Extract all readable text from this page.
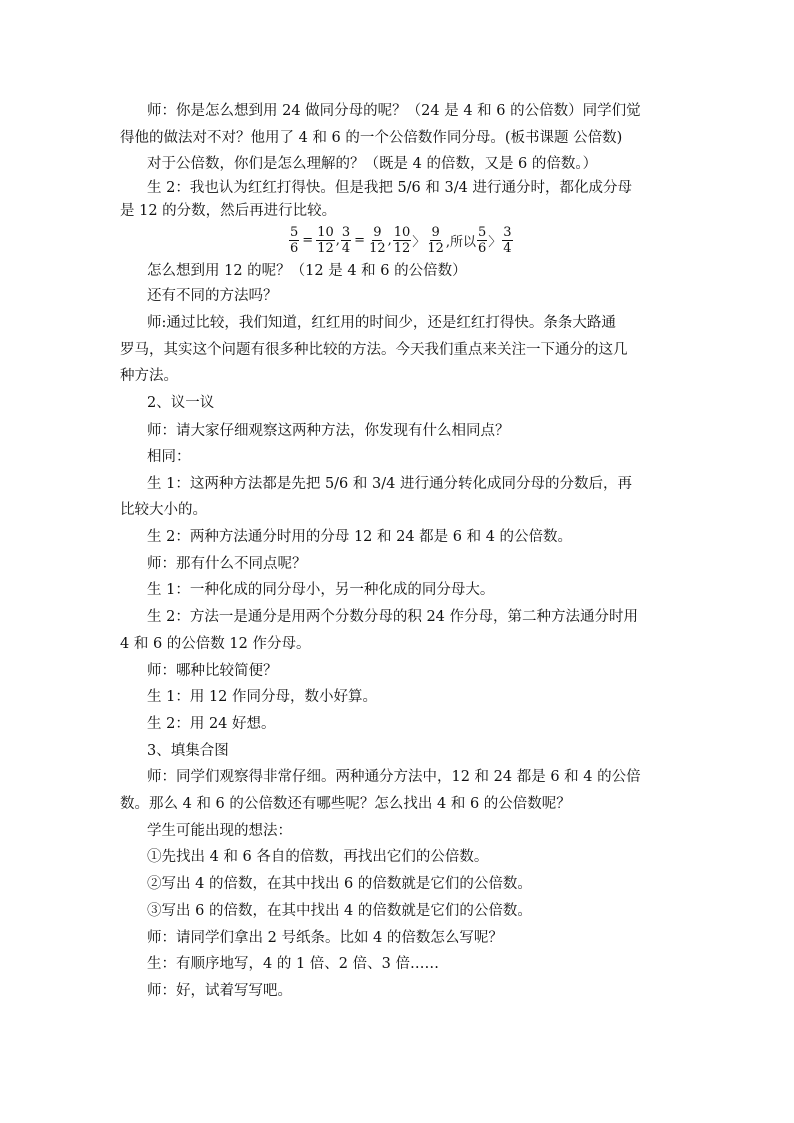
师：你是怎么想到用 24 做同分母的呢？（24 是 4 和 6 的公倍数）同学们觉
得他的做法对不对？他用了 4 和 6 的一个公倍数作同分母。(板书课题 公倍数)
对于公倍数，你们是怎么理解的？（既是 4 的倍数，又是 6 的倍数。）
生 2：我也认为红红打得快。但是我把 5/6 和 3/4 进行通分时，都化成分母
是 12 的分数，然后再进行比较。
怎么想到用 12 的呢？（12 是 4 和 6 的公倍数）
还有不同的方法吗？
师:通过比较，我们知道，红红用的时间少，还是红红打得快。条条大路通
罗马，其实这个问题有很多种比较的方法。今天我们重点来关注一下通分的这几
种方法。
2、议一议
师：请大家仔细观察这两种方法，你发现有什么相同点？
相同：
生 1：这两种方法都是先把 5/6 和 3/4 进行通分转化成同分母的分数后，再
比较大小的。
生 2：两种方法通分时用的分母 12 和 24 都是 6 和 4 的公倍数。
师：那有什么不同点呢？
生 1：一种化成的同分母小，另一种化成的同分母大。
生 2：方法一是通分是用两个分数分母的积 24 作分母，第二种方法通分时用
4 和 6 的公倍数 12 作分母。
师：哪种比较简便？
生 1：用 12 作同分母，数小好算。
生 2：用 24 好想。
3、填集合图
师：同学们观察得非常仔细。两种通分方法中，12 和 24 都是 6 和 4 的公倍
数。那么 4 和 6 的公倍数还有哪些呢？怎么找出 4 和 6 的公倍数呢？
学生可能出现的想法：
①先找出 4 和 6 各自的倍数，再找出它们的公倍数。
②写出 4 的倍数，在其中找出 6 的倍数就是它们的公倍数。
③写出 6 的倍数，在其中找出 4 的倍数就是它们的公倍数。
师：请同学们拿出 2 号纸条。比如 4 的倍数怎么写呢？
生：有顺序地写，4 的 1 倍、2 倍、3 倍……
师：好，试着写写吧。
$\frac{5}{6} = \frac{10}{12}$ , $\frac{3}{4} = \frac{9}{12}$ , $\frac{10}{12}$ 〉 $\frac{9}{12}$ ,所以 $\frac{5}{6}$ 〉 $\frac{3}{4}$
